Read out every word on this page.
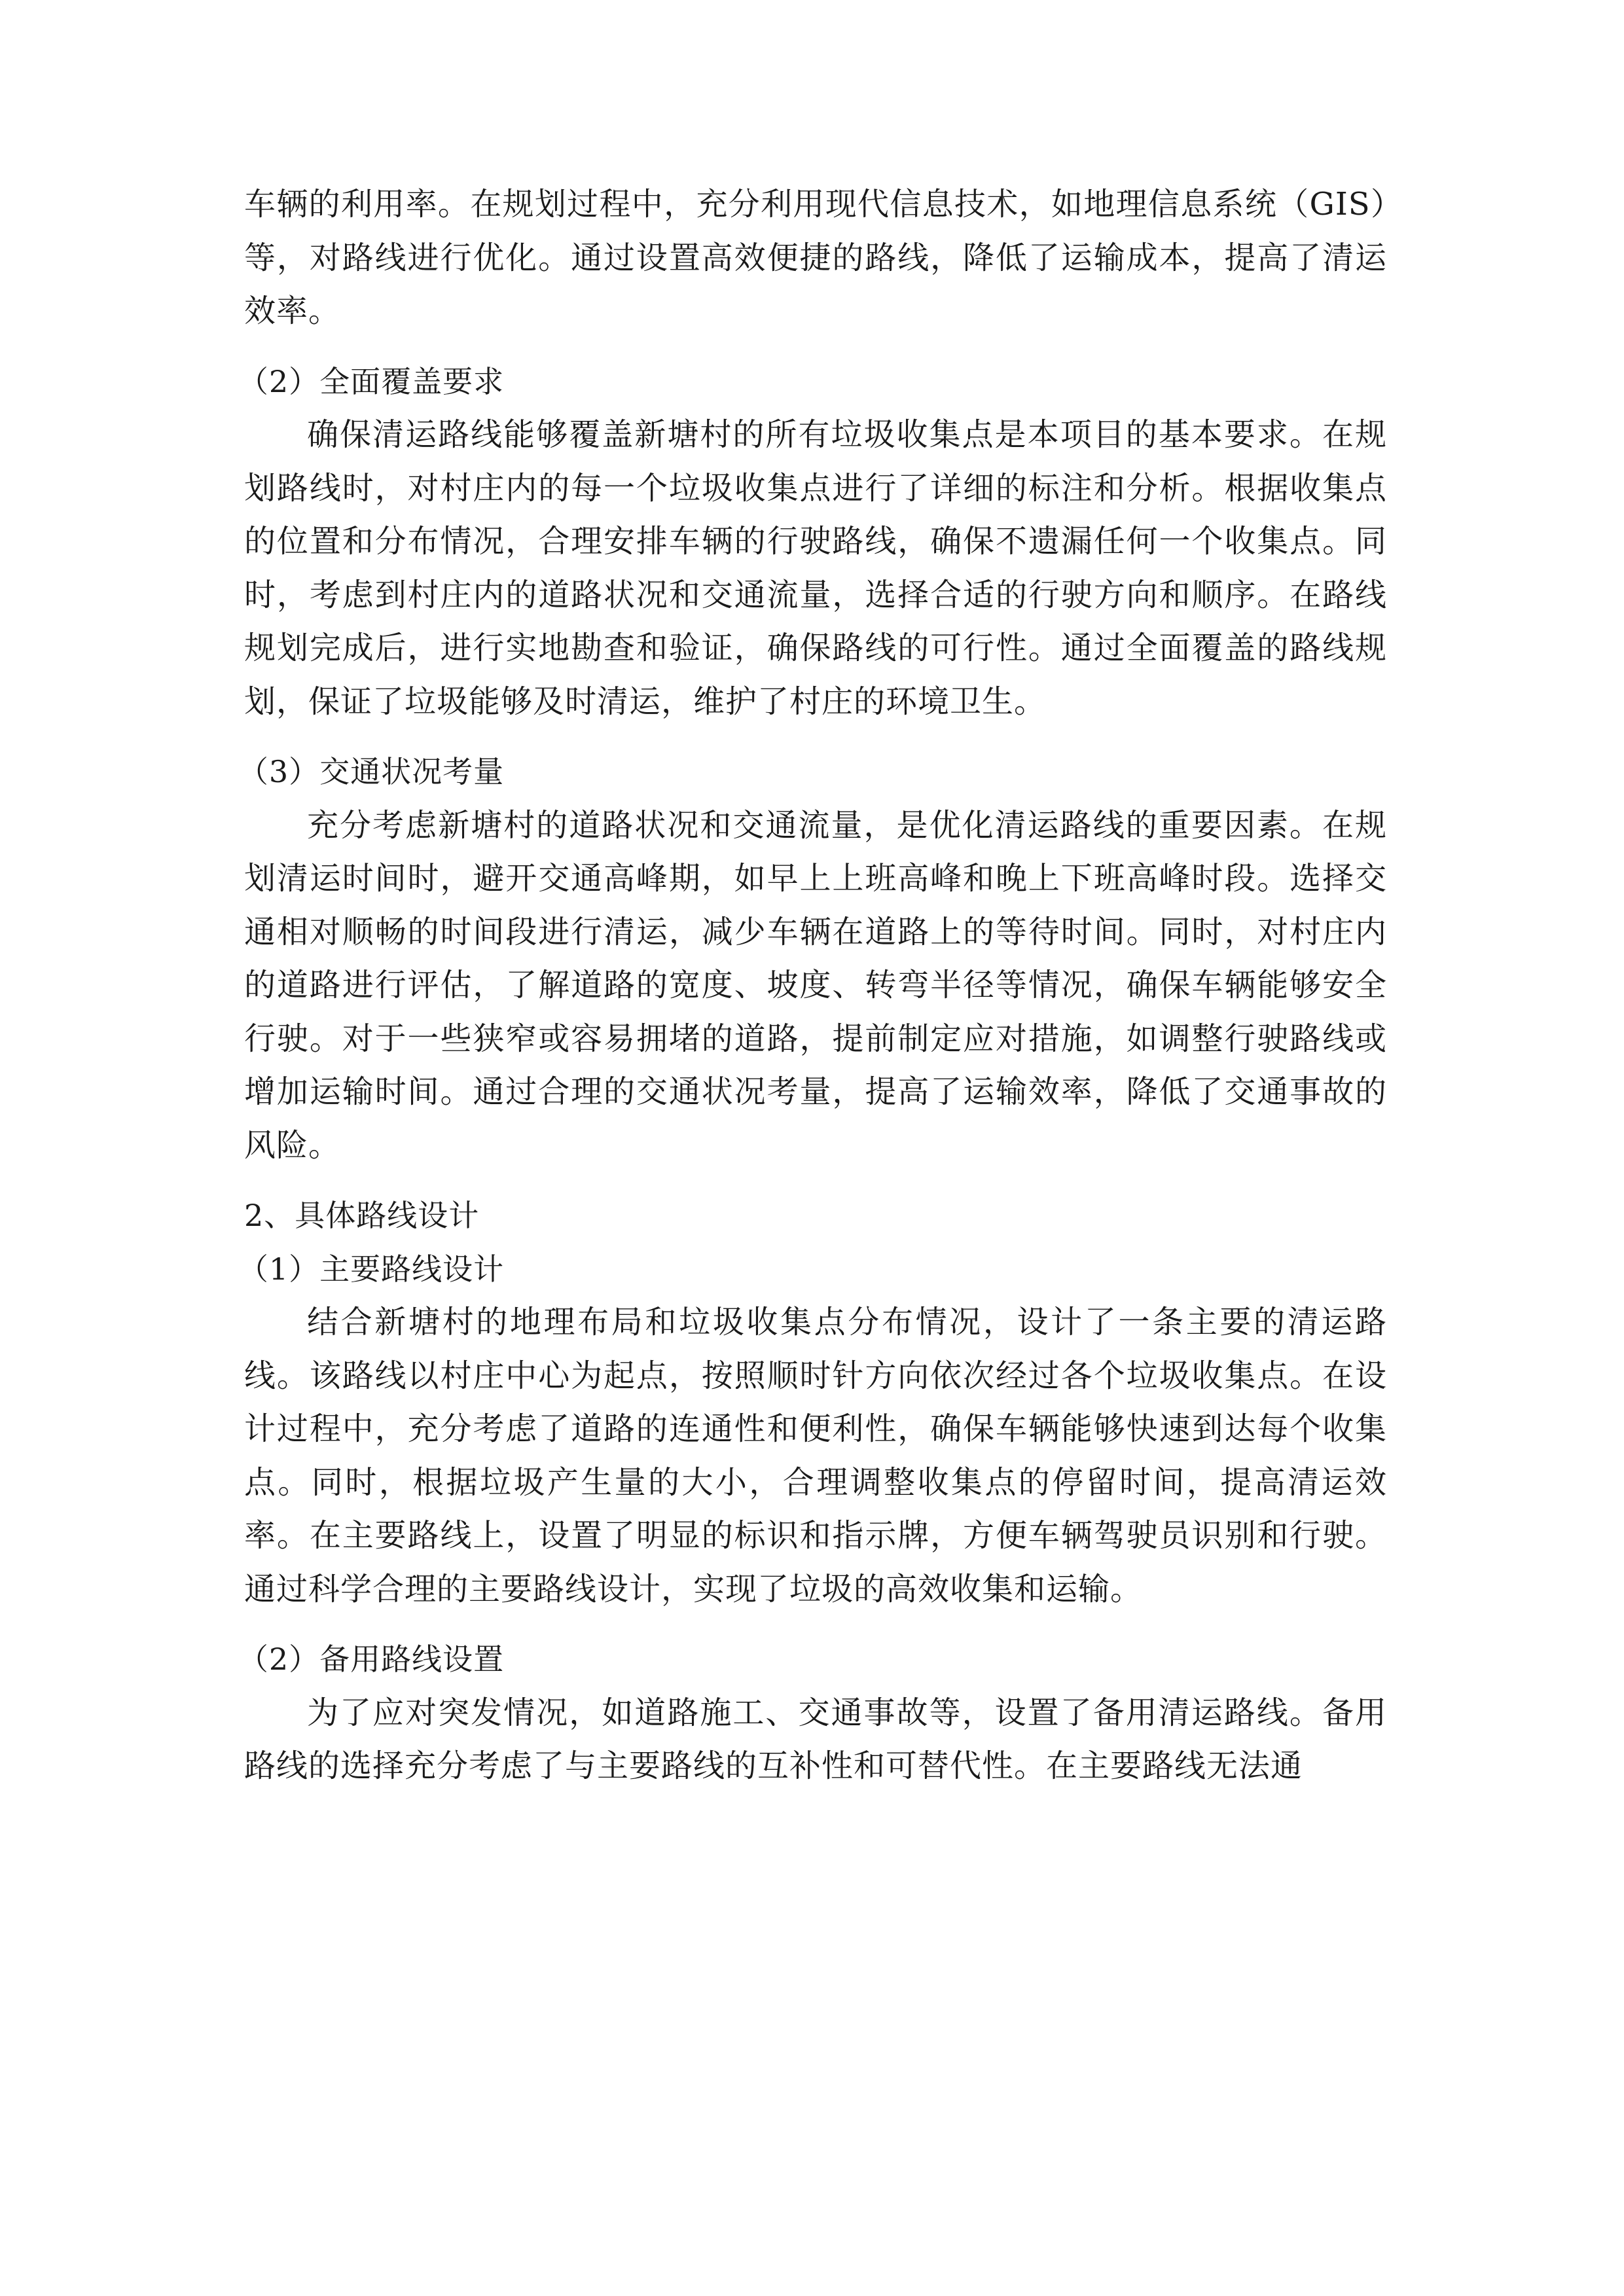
车辆的利用率。在规划过程中，充分利用现代信息技术，如地理信息系统（GIS）等，对路线进行优化。通过设置高效便捷的路线，降低了运输成本，提高了清运效率。

（2）全面覆盖要求

确保清运路线能够覆盖新塘村的所有垃圾收集点是本项目的基本要求。在规划路线时，对村庄内的每一个垃圾收集点进行了详细的标注和分析。根据收集点的位置和分布情况，合理安排车辆的行驶路线，确保不遗漏任何一个收集点。同时，考虑到村庄内的道路状况和交通流量，选择合适的行驶方向和顺序。在路线规划完成后，进行实地勘查和验证，确保路线的可行性。通过全面覆盖的路线规划，保证了垃圾能够及时清运，维护了村庄的环境卫生。

（3）交通状况考量

充分考虑新塘村的道路状况和交通流量，是优化清运路线的重要因素。在规划清运时间时，避开交通高峰期，如早上上班高峰和晚上下班高峰时段。选择交通相对顺畅的时间段进行清运，减少车辆在道路上的等待时间。同时，对村庄内的道路进行评估，了解道路的宽度、坡度、转弯半径等情况，确保车辆能够安全行驶。对于一些狭窄或容易拥堵的道路，提前制定应对措施，如调整行驶路线或增加运输时间。通过合理的交通状况考量，提高了运输效率，降低了交通事故的风险。

2、具体路线设计

（1）主要路线设计

结合新塘村的地理布局和垃圾收集点分布情况，设计了一条主要的清运路线。该路线以村庄中心为起点，按照顺时针方向依次经过各个垃圾收集点。在设计过程中，充分考虑了道路的连通性和便利性，确保车辆能够快速到达每个收集点。同时，根据垃圾产生量的大小，合理调整收集点的停留时间，提高清运效率。在主要路线上，设置了明显的标识和指示牌，方便车辆驾驶员识别和行驶。通过科学合理的主要路线设计，实现了垃圾的高效收集和运输。

（2）备用路线设置

为了应对突发情况，如道路施工、交通事故等，设置了备用清运路线。备用路线的选择充分考虑了与主要路线的互补性和可替代性。在主要路线无法通
